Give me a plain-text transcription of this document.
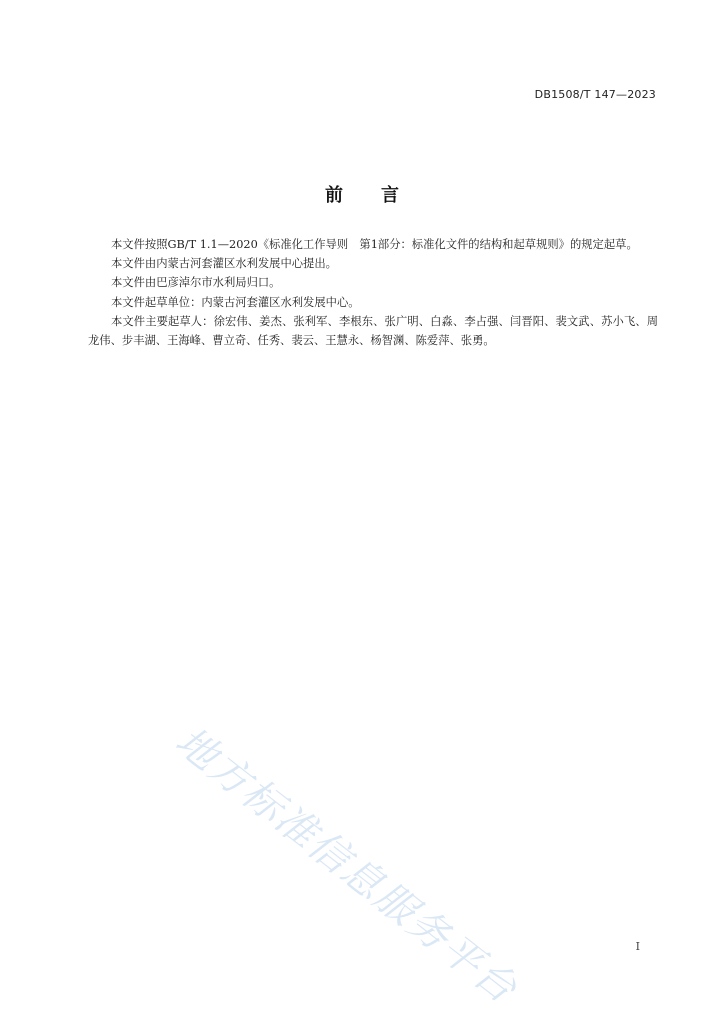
DB1508/T 147—2023
前 言

本文件按照GB/T 1.1—2020《标准化工作导则　第1部分：标准化文件的结构和起草规则》的规定起草。

本文件由内蒙古河套灌区水利发展中心提出。

本文件由巴彦淖尔市水利局归口。

本文件起草单位：内蒙古河套灌区水利发展中心。

本文件主要起草人：徐宏伟、姜杰、张利军、李根东、张广明、白淼、李占强、闫晋阳、裴文武、苏小飞、周龙伟、步丰湖、王海峰、曹立奇、任秀、裴云、王慧永、杨智渊、陈爱萍、张勇。

地方标准信息服务平台	I
